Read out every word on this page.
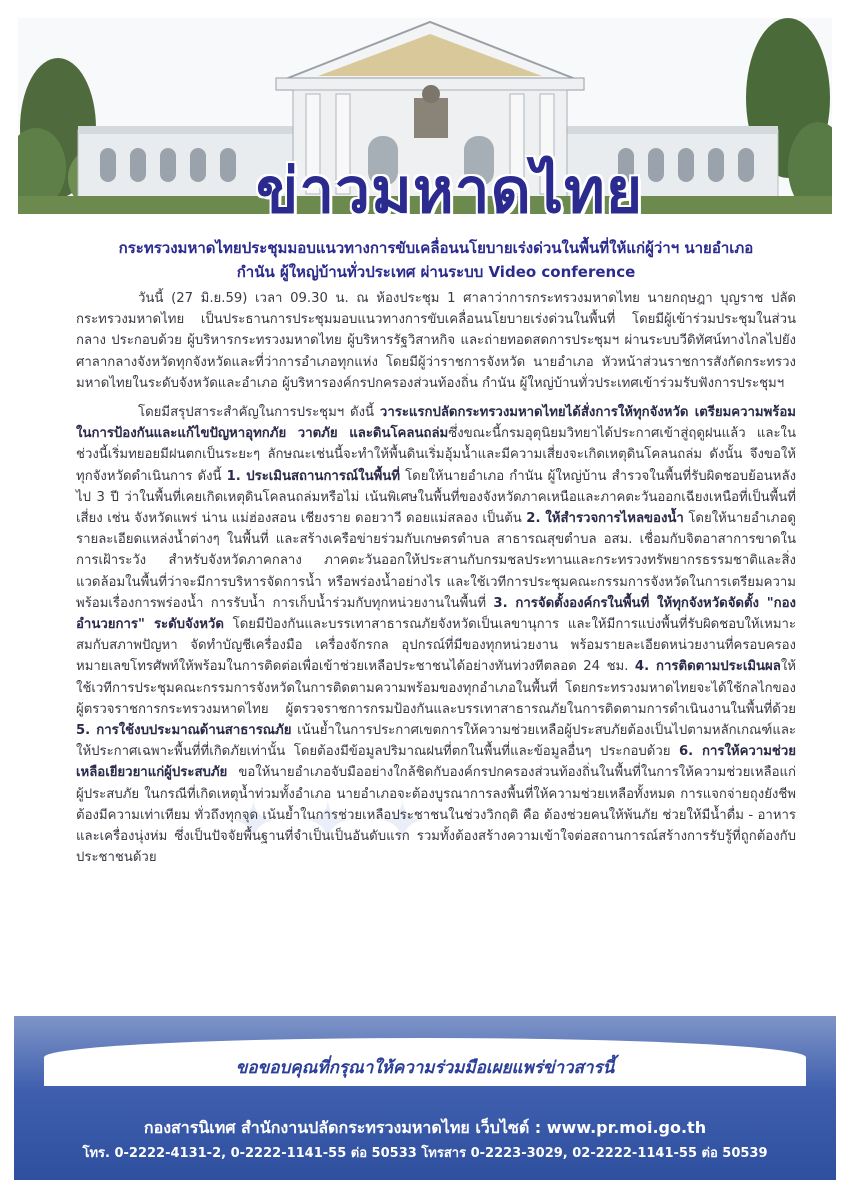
ข่าวมหาดไทย
กระทรวงมหาดไทยประชุมมอบแนวทางการขับเคลื่อนนโยบายเร่งด่วนในพื้นที่ให้แก่ผู้ว่าฯ นายอำเภอ
กำนัน ผู้ใหญ่บ้านทั่วประเทศ ผ่านระบบ Video conference
✦ ✦ ✦

วันนี้ (27 มิ.ย.59) เวลา 09.30 น. ณ ห้องประชุม 1 ศาลาว่าการกระทรวงมหาดไทย นายกฤษฎา บุญราช ปลัดกระทรวงมหาดไทย เป็นประธานการประชุมมอบแนวทางการขับเคลื่อนนโยบายเร่งด่วนในพื้นที่ โดยมีผู้เข้าร่วมประชุมในส่วนกลาง ประกอบด้วย ผู้บริหารกระทรวงมหาดไทย ผู้บริหารรัฐวิสาหกิจ และถ่ายทอดสดการประชุมฯ ผ่านระบบวีดิทัศน์ทางไกลไปยังศาลากลางจังหวัดทุกจังหวัดและที่ว่าการอำเภอทุกแห่ง โดยมีผู้ว่าราชการจังหวัด นายอำเภอ หัวหน้าส่วนราชการสังกัดกระทรวงมหาดไทยในระดับจังหวัดและอำเภอ ผู้บริหารองค์กรปกครองส่วนท้องถิ่น กำนัน ผู้ใหญ่บ้านทั่วประเทศเข้าร่วมรับฟังการประชุมฯ

โดยมีสรุปสาระสำคัญในการประชุมฯ ดังนี้ วาระแรกปลัดกระทรวงมหาดไทยได้สั่งการให้ทุกจังหวัด เตรียมความพร้อมในการป้องกันและแก้ไขปัญหาอุทกภัย วาตภัย และดินโคลนถล่มซึ่งขณะนี้กรมอุตุนิยมวิทยาได้ประกาศเข้าสู่ฤดูฝนแล้ว และในช่วงนี้เริ่มทยอยมีฝนตกเป็นระยะๆ ลักษณะเช่นนี้จะทำให้พื้นดินเริ่มอุ้มน้ำและมีความเสี่ยงจะเกิดเหตุดินโคลนถล่ม ดังนั้น จึงขอให้ทุกจังหวัดดำเนินการ ดังนี้ 1. ประเมินสถานการณ์ในพื้นที่ โดยให้นายอำเภอ กำนัน ผู้ใหญ่บ้าน สำรวจในพื้นที่รับผิดชอบย้อนหลังไป 3 ปี ว่าในพื้นที่เคยเกิดเหตุดินโคลนถล่มหรือไม่ เน้นพิเศษในพื้นที่ของจังหวัดภาคเหนือและภาคตะวันออกเฉียงเหนือที่เป็นพื้นที่เสี่ยง เช่น จังหวัดแพร่ น่าน แม่ฮ่องสอน เชียงราย ดอยวาวี ดอยแม่สลอง เป็นต้น 2. ให้สำรวจการไหลของน้ำ โดยให้นายอำเภอดูรายละเอียดแหล่งน้ำต่างๆ ในพื้นที่ และสร้างเครือข่ายร่วมกับเกษตรตำบล สาธารณสุขตำบล อสม. เชื่อมกับจิตอาสาการขาดในการเฝ้าระวัง สำหรับจังหวัดภาคกลาง ภาคตะวันออกให้ประสานกับกรมชลประทานและกระทรวงทรัพยากรธรรมชาติและสิ่งแวดล้อมในพื้นที่ว่าจะมีการบริหารจัดการน้ำ หรือพร่องน้ำอย่างไร และใช้เวทีการประชุมคณะกรรมการจังหวัดในการเตรียมความพร้อมเรื่องการพร่องน้ำ การรับน้ำ การเก็บน้ำร่วมกับทุกหน่วยงานในพื้นที่ 3. การจัดตั้งองค์กรในพื้นที่ ให้ทุกจังหวัดจัดตั้ง "กองอำนวยการ" ระดับจังหวัด โดยมีป้องกันและบรรเทาสาธารณภัยจังหวัดเป็นเลขานุการ และให้มีการแบ่งพื้นที่รับผิดชอบให้เหมาะสมกับสภาพปัญหา จัดทำบัญชีเครื่องมือ เครื่องจักรกล อุปกรณ์ที่มีของทุกหน่วยงาน พร้อมรายละเอียดหน่วยงานที่ครอบครอง หมายเลขโทรศัพท์ให้พร้อมในการติดต่อเพื่อเข้าช่วยเหลือประชาชนได้อย่างทันท่วงทีตลอด 24 ชม. 4. การติดตามประเมินผลให้ใช้เวทีการประชุมคณะกรรมการจังหวัดในการติดตามความพร้อมของทุกอำเภอในพื้นที่ โดยกระทรวงมหาดไทยจะได้ใช้กลไกของผู้ตรวจราชการกระทรวงมหาดไทย ผู้ตรวจราชการกรมป้องกันและบรรเทาสาธารณภัยในการติดตามการดำเนินงานในพื้นที่ด้วย 5. การใช้งบประมาณด้านสาธารณภัย เน้นย้ำในการประกาศเขตการให้ความช่วยเหลือผู้ประสบภัยต้องเป็นไปตามหลักเกณฑ์และให้ประกาศเฉพาะพื้นที่ที่เกิดภัยเท่านั้น โดยต้องมีข้อมูลปริมาณฝนที่ตกในพื้นที่และข้อมูลอื่นๆ ประกอบด้วย 6. การให้ความช่วยเหลือเยียวยาแก่ผู้ประสบภัย ขอให้นายอำเภอจับมืออย่างใกล้ชิดกับองค์กรปกครองส่วนท้องถิ่นในพื้นที่ในการให้ความช่วยเหลือแก่ผู้ประสบภัย ในกรณีที่เกิดเหตุน้ำท่วมทั้งอำเภอ นายอำเภอจะต้องบูรณาการลงพื้นที่ให้ความช่วยเหลือทั้งหมด การแจกจ่ายถุงยังชีพต้องมีความเท่าเทียม ทั่วถึงทุกจุด เน้นย้ำในการช่วยเหลือประชาชนในช่วงวิกฤติ คือ ต้องช่วยคนให้พ้นภัย ช่วยให้มีน้ำดื่ม - อาหาร และเครื่องนุ่งห่ม ซึ่งเป็นปัจจัยพื้นฐานที่จำเป็นเป็นอันดับแรก รวมทั้งต้องสร้างความเข้าใจต่อสถานการณ์สร้างการรับรู้ที่ถูกต้องกับประชาชนด้วย

ขอขอบคุณที่กรุณาให้ความร่วมมือเผยแพร่ข่าวสารนี้
กองสารนิเทศ สำนักงานปลัดกระทรวงมหาดไทย เว็บไซต์ : www.pr.moi.go.th
โทร. 0-2222-4131-2, 0-2222-1141-55 ต่อ 50533 โทรสาร 0-2223-3029, 02-2222-1141-55 ต่อ 50539
